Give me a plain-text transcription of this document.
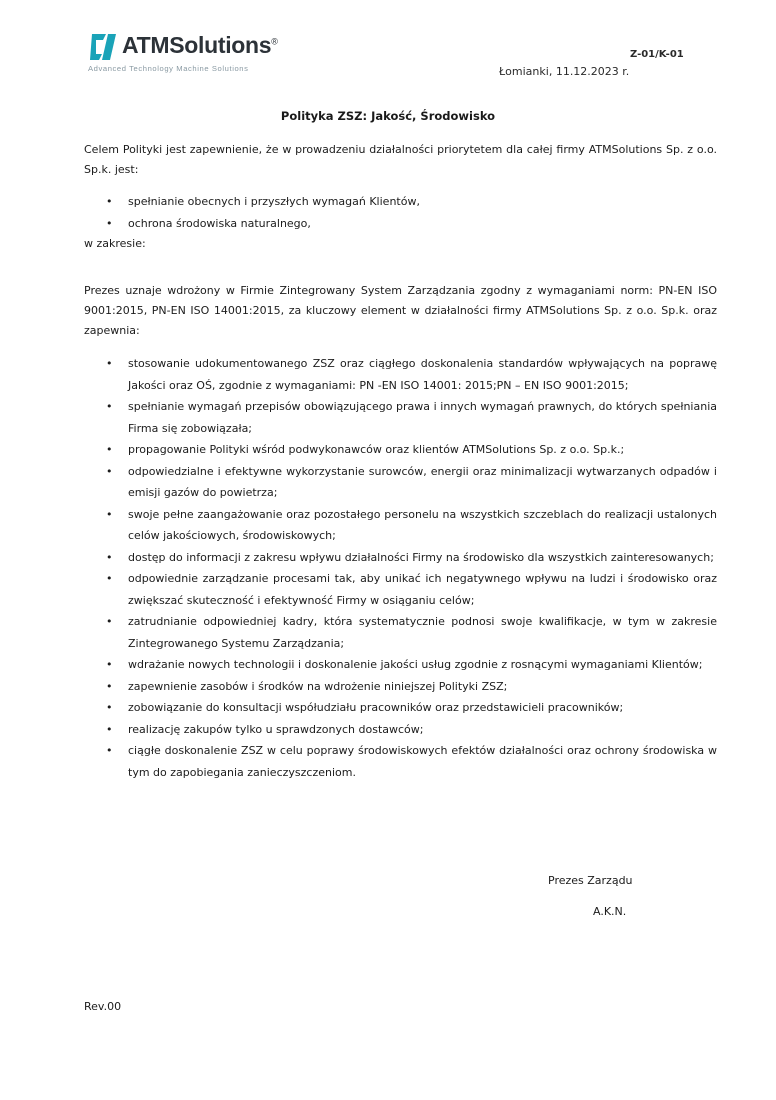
ATMSolutions®
Advanced Technology Machine Solutions
Z-01/K-01
Łomianki, 11.12.2023 r.
Polityka ZSZ: Jakość, Środowisko
Celem Polityki jest zapewnienie, że w prowadzeniu działalności priorytetem dla całej firmy ATMSolutions Sp. z o.o. Sp.k. jest:
• spełnianie obecnych i przyszłych wymagań Klientów,
• ochrona środowiska naturalnego,
w zakresie:
Prezes uznaje wdrożony w Firmie Zintegrowany System Zarządzania zgodny z wymaganiami norm: PN-EN ISO 9001:2015, PN-EN ISO 14001:2015, za kluczowy element w działalności firmy ATMSolutions Sp. z o.o. Sp.k. oraz zapewnia:
• stosowanie udokumentowanego ZSZ oraz ciągłego doskonalenia standardów wpływających na poprawę Jakości oraz OŚ, zgodnie z wymaganiami: PN -EN ISO 14001: 2015;PN – EN ISO 9001:2015;
• spełnianie wymagań przepisów obowiązującego prawa i innych wymagań prawnych, do których spełniania Firma się zobowiązała;
• propagowanie Polityki wśród podwykonawców oraz klientów ATMSolutions Sp. z o.o. Sp.k.;
• odpowiedzialne i efektywne wykorzystanie surowców, energii oraz minimalizacji wytwarzanych odpadów i emisji gazów do powietrza;
• swoje pełne zaangażowanie oraz pozostałego personelu na wszystkich szczeblach do realizacji ustalonych celów jakościowych, środowiskowych;
• dostęp do informacji z zakresu wpływu działalności Firmy na środowisko dla wszystkich zainteresowanych;
• odpowiednie zarządzanie procesami tak, aby unikać ich negatywnego wpływu na ludzi i środowisko oraz zwiększać skuteczność i efektywność Firmy w osiąganiu celów;
• zatrudnianie odpowiedniej kadry, która systematycznie podnosi swoje kwalifikacje, w tym w zakresie Zintegrowanego Systemu Zarządzania;
• wdrażanie nowych technologii i doskonalenie jakości usług zgodnie z rosnącymi wymaganiami Klientów;
• zapewnienie zasobów i środków na wdrożenie niniejszej Polityki ZSZ;
• zobowiązanie do konsultacji współudziału pracowników oraz przedstawicieli pracowników;
• realizację zakupów tylko u sprawdzonych dostawców;
• ciągłe doskonalenie ZSZ w celu poprawy środowiskowych efektów działalności oraz ochrony środowiska w tym do zapobiegania zanieczyszczeniom.
Prezes Zarządu
A.K.N.
Rev.00
